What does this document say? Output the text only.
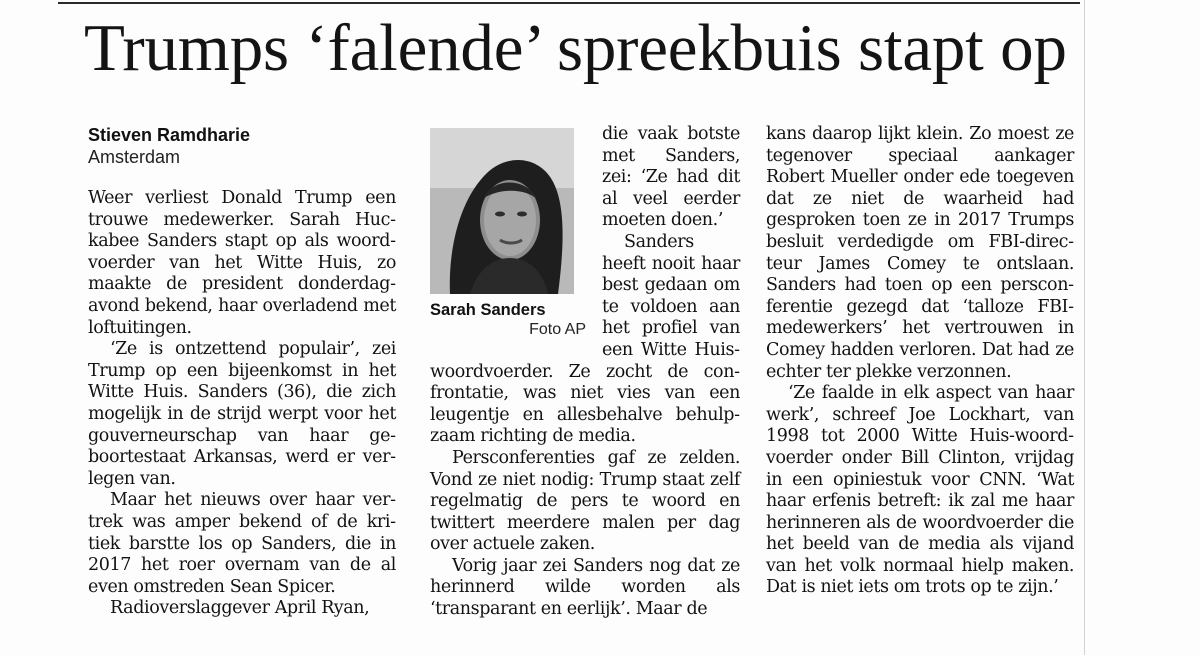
Trumps ‘falende’ spreekbuis stapt op
Stieven Ramdharie
Amsterdam

Weer verliest Donald Trump een trouwe medewerker. Sarah Huckabee Sanders stapt op als woordvoerder van het Witte Huis, zo maakte de president donderdagavond bekend, haar overladend met loftuitingen.

‘Ze is ontzettend populair’, zei Trump op een bijeenkomst in het Witte Huis. Sanders (36), die zich mogelijk in de strijd werpt voor het gouverneurschap van haar geboortestaat Arkansas, werd er verlegen van.

Maar het nieuws over haar vertrek was amper bekend of de kritiek barstte los op Sanders, die in 2017 het roer overnam van de al even omstreden Sean Spicer.

Radioverslaggever April Ryan,

Sarah Sanders
Foto AP

die vaak botste met Sanders, zei: ‘Ze had dit al veel eerder moeten doen.’

Sanders heeft nooit haar best gedaan om te voldoen aan het profiel van een Witte Huiswoordvoerder. Ze zocht de confrontatie, was niet vies van een leugentje en allesbehalve behulpzaam richting de media.

Persconferenties gaf ze zelden. Vond ze niet nodig: Trump staat zelf regelmatig de pers te woord en twittert meerdere malen per dag over actuele zaken.

Vorig jaar zei Sanders nog dat ze herinnerd wilde worden als ‘transparant en eerlijk’. Maar de

kans daarop lijkt klein. Zo moest ze tegenover speciaal aankager Robert Mueller onder ede toegeven dat ze niet de waarheid had gesproken toen ze in 2017 Trumps besluit verdedigde om FBI-directeur James Comey te ontslaan. Sanders had toen op een persconferentie gezegd dat ‘talloze FBImedewerkers’ het vertrouwen in Comey hadden verloren. Dat had ze echter ter plekke verzonnen.

‘Ze faalde in elk aspect van haar werk’, schreef Joe Lockhart, van 1998 tot 2000 Witte Huis-woordvoerder onder Bill Clinton, vrijdag in een opiniestuk voor CNN. ‘Wat haar erfenis betreft: ik zal me haar herinneren als de woordvoerder die het beeld van de media als vijand van het volk normaal hielp maken. Dat is niet iets om trots op te zijn.’
